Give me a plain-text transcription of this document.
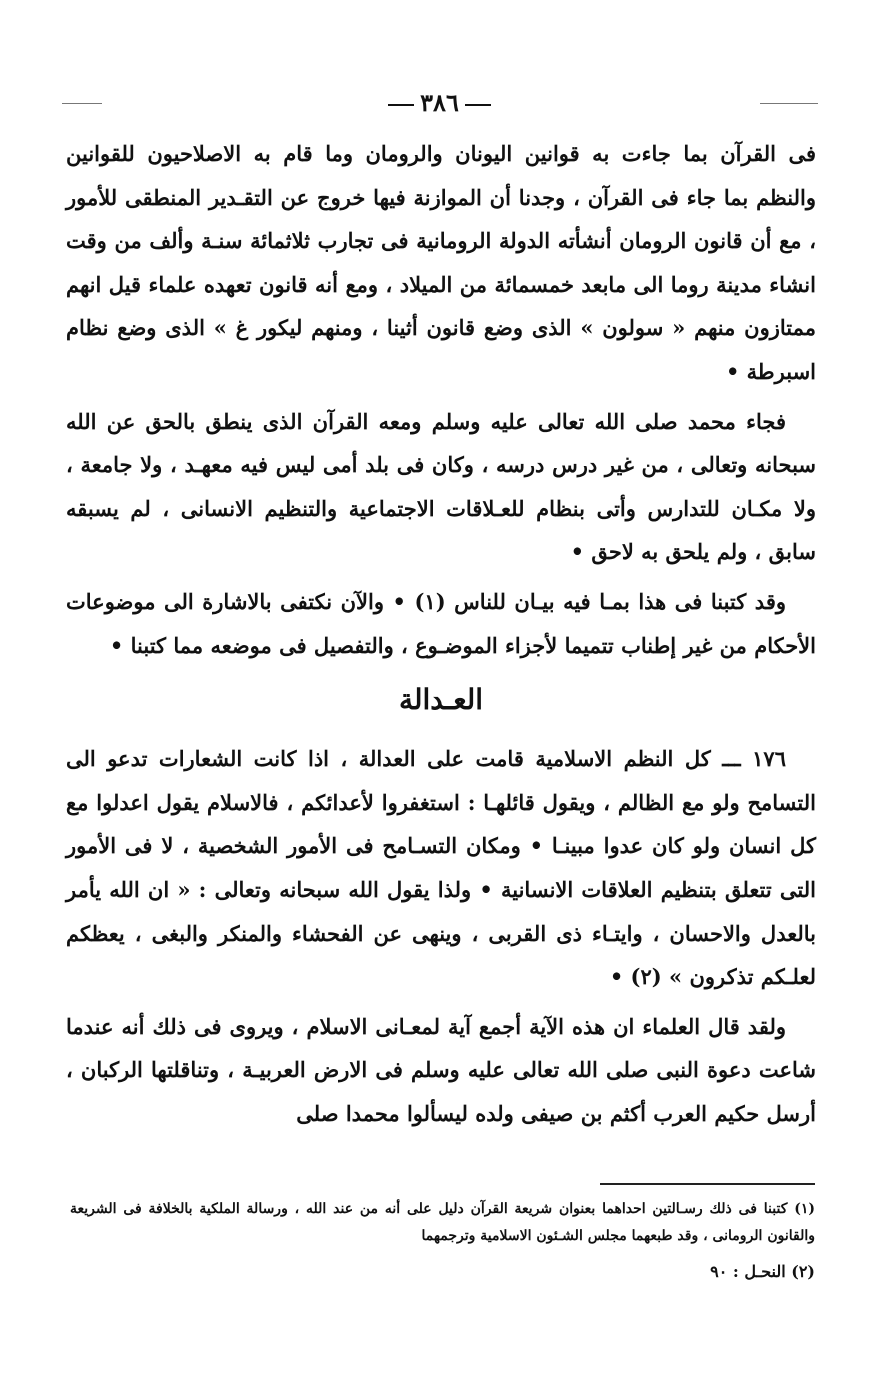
٣٨٦

فى القرآن بما جاءت به قوانين اليونان والرومان وما قام به الاصلاحيون للقوانين والنظم بما جاء فى القرآن ، وجدنا أن الموازنة فيها خروج عن التقـدير المنطقى للأمور ، مع أن قانون الرومان أنشأته الدولة الرومانية فى تجارب ثلاثمائة سنـة وألف من وقت انشاء مدينة روما الى مابعد خمسمائة من الميلاد ، ومع أنه قانون تعهده علماء قيل انهم ممتازون منهم « سولون » الذى وضع قانون أثينا ، ومنهم ليكور غ » الذى وضع نظام اسبرطة •

فجاء محمد صلى الله تعالى عليه وسلم ومعه القرآن الذى ينطق بالحق عن الله سبحانه وتعالى ، من غير درس درسه ، وكان فى بلد أمى ليس فيه معهـد ، ولا جامعة ، ولا مكـان للتدارس وأتى بنظام للعـلاقات الاجتماعية والتنظيم الانسانى ، لم يسبقه سابق ، ولم يلحق به لاحق •

وقد كتبنا فى هذا بمـا فيه بيـان للناس (١) • والآن نكتفى بالاشارة الى موضوعات الأحكام من غير إطناب تتميما لأجزاء الموضـوع ، والتفصيل فى موضعه مما كتبنا •

العـدالة

١٧٦ ـــ كل النظم الاسلامية قامت على العدالة ، اذا كانت الشعارات تدعو الى التسامح ولو مع الظالم ، ويقول قائلهـا : استغفروا لأعدائكم ، فالاسلام يقول اعدلوا مع كل انسان ولو كان عدوا مبينـا • ومكان التسـامح فى الأمور الشخصية ، لا فى الأمور التى تتعلق بتنظيم العلاقات الانسانية • ولذا يقول الله سبحانه وتعالى : « ان الله يأمر بالعدل والاحسان ، وايتـاء ذى القربى ، وينهى عن الفحشاء والمنكر والبغى ، يعظكم لعلـكم تذكرون » (٢) •

ولقد قال العلماء ان هذه الآية أجمع آية لمعـانى الاسلام ، ويروى فى ذلك أنه عندما شاعت دعوة النبى صلى الله تعالى عليه وسلم فى الارض العربيـة ، وتناقلتها الركبان ، أرسل حكيم العرب أكثم بن صيفى ولده ليسألوا محمدا صلى

(١) كتبنا فى ذلك رسـالتين احداهما بعنوان شريعة القرآن دليل على أنه من عند الله ، ورسالة الملكية بالخلافة فى الشريعة والقانون الرومانى ، وقد طبعهما مجلس الشـئون الاسلامية وترجمهما

(٢) النحـل : ٩٠
